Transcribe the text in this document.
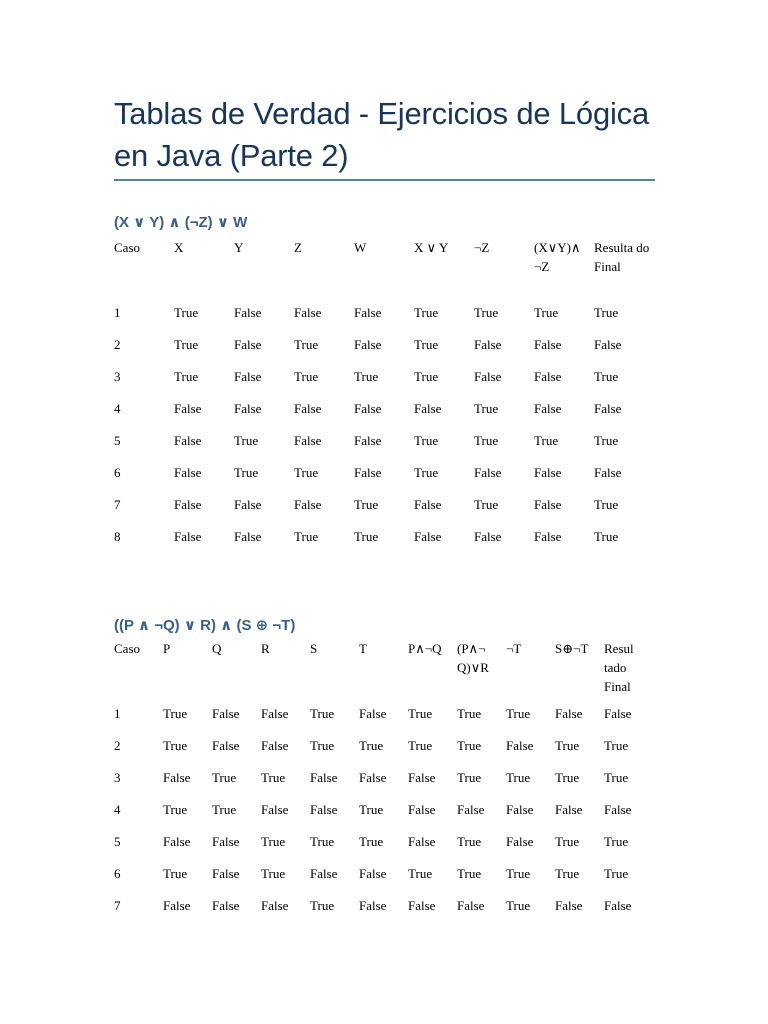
Tablas de Verdad - Ejercicios de Lógica en Java (Parte 2)
(X ∨ Y) ∧ (¬Z) ∨ W
Caso	X	Y	Z	W	X ∨ Y	¬Z	(X∨Y)∧ ¬Z	Resulta do Final
1	True	False	False	False	True	True	True	True
2	True	False	True	False	True	False	False	False
3	True	False	True	True	True	False	False	True
4	False	False	False	False	False	True	False	False
5	False	True	False	False	True	True	True	True
6	False	True	True	False	True	False	False	False
7	False	False	False	True	False	True	False	True
8	False	False	True	True	False	False	False	True
((P ∧ ¬Q) ∨ R) ∧ (S ⊕ ¬T)
Caso	P	Q	R	S	T	P∧¬Q	(P∧¬ Q)∨R	¬T	S⊕¬T	Resul tado Final
1	True	False	False	True	False	True	True	True	False	False
2	True	False	False	True	True	True	True	False	True	True
3	False	True	True	False	False	False	True	True	True	True
4	True	True	False	False	True	False	False	False	False	False
5	False	False	True	True	True	False	True	False	True	True
6	True	False	True	False	False	True	True	True	True	True
7	False	False	False	True	False	False	False	True	False	False
